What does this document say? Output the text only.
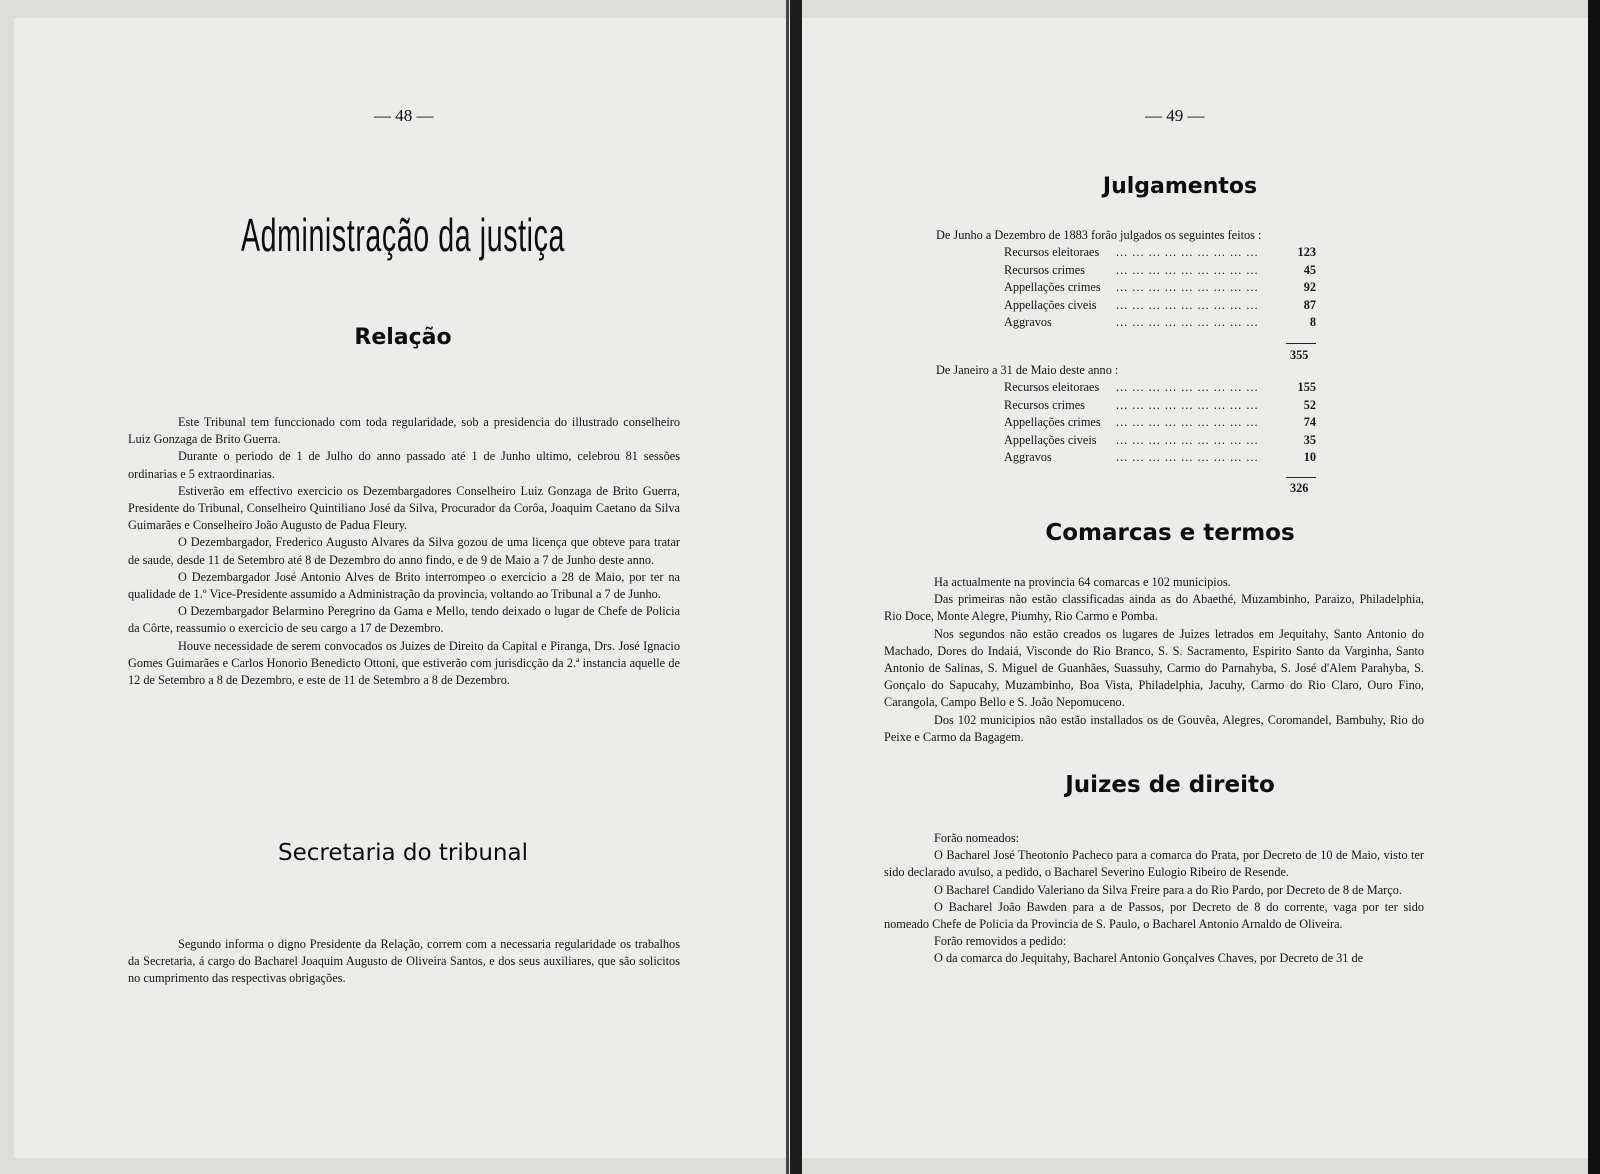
— 48 —
Administração da justiça
Relação

Este Tribunal tem funccionado com toda regularidade, sob a presidencia do illustrado conselheiro Luiz Gonzaga de Brito Guerra.

Durante o periodo de 1 de Julho do anno passado até 1 de Junho ultimo, celebrou 81 sessões ordinarias e 5 extraordinarias.

Estiverão em effectivo exercicio os Dezembargadores Conselheiro Luiz Gonzaga de Brito Guerra, Presidente do Tribunal, Conselheiro Quintiliano José da Silva, Procurador da Corôa, Joaquim Caetano da Silva Guimarães e Conselheiro João Augusto de Padua Fleury.

O Dezembargador, Frederico Augusto Alvares da Silva gozou de uma licença que obteve para tratar de saude, desde 11 de Setembro até 8 de Dezembro do anno findo, e de 9 de Maio a 7 de Junho deste anno.

O Dezembargador José Antonio Alves de Brito interrompeo o exercicio a 28 de Maio, por ter na qualidade de 1.º Vice-Presidente assumido a Administração da provincia, voltando ao Tribunal a 7 de Junho.

O Dezembargador Belarmino Peregrino da Gama e Mello, tendo deixado o lugar de Chefe de Policia da Côrte, reassumio o exercicio de seu cargo a 17 de Dezembro.

Houve necessidade de serem convocados os Juizes de Direito da Capital e Piranga, Drs. José Ignacio Gomes Guimarães e Carlos Honorio Benedicto Ottoni, que estiverão com jurisdicção da 2.ª instancia aquelle de 12 de Setembro a 8 de Dezembro, e este de 11 de Setembro a 8 de Dezembro.

Secretaria do tribunal

Segundo informa o digno Presidente da Relação, correm com a necessaria regularidade os trabalhos da Secretaria, á cargo do Bacharel Joaquim Augusto de Oliveira Santos, e dos seus auxiliares, que são solicitos no cumprimento das respectivas obrigações.

— 49 —
Julgamentos
De Junho a Dezembro de 1883 forão julgados os seguintes feitos :
Recursos eleitoraes ... ... ... ... ... ... ... ... ...	123
Recursos crimes	... ... ... ... ... ... ... ... ...	45
Appellações crimes ... ... ... ... ... ... ... ... ...	92
Appellações civeis ... ... ... ... ... ... ... ... ...	87
Aggravos	... ... ... ... ... ... ... ... ...	8
355
De Janeiro a 31 de Maio deste anno :
Recursos eleitoraes ... ... ... ... ... ... ... ... ...	155
Recursos crimes	... ... ... ... ... ... ... ... ...	52
Appellações crimes ... ... ... ... ... ... ... ... ...	74
Appellações civeis ... ... ... ... ... ... ... ... ...	35
Aggravos	... ... ... ... ... ... ... ... ...	10
326
Comarcas e termos

Ha actualmente na provincia 64 comarcas e 102 municipios.

Das primeiras não estão classificadas ainda as do Abaethé, Muzambinho, Paraizo, Philadelphia, Rio Doce, Monte Alegre, Piumhy, Rio Carmo e Pomba.

Nos segundos não estão creados os lugares de Juizes letrados em Jequitahy, Santo Antonio do Machado, Dores do Indaiá, Visconde do Rio Branco, S. S. Sacramento, Espirito Santo da Varginha, Santo Antonio de Salinas, S. Miguel de Guanhães, Suassuhy, Carmo do Parnahyba, S. José d'Alem Parahyba, S. Gonçalo do Sapucahy, Muzambinho, Boa Vista, Philadelphia, Jacuhy, Carmo do Rio Claro, Ouro Fino, Carangola, Campo Bello e S. João Nepomuceno.

Dos 102 municipios não estão installados os de Gouvêa, Alegres, Coromandel, Bambuhy, Rio do Peixe e Carmo da Bagagem.

Juizes de direito

Forão nomeados:

O Bacharel José Theotonio Pacheco para a comarca do Prata, por Decreto de 10 de Maio, visto ter sido declarado avulso, a pedido, o Bacharel Severino Eulogio Ribeiro de Resende.

O Bacharel Candido Valeriano da Silva Freire para a do Rio Pardo, por Decreto de 8 de Março.

O Bacharel João Bawden para a de Passos, por Decreto de 8 do corrente, vaga por ter sido nomeado Chefe de Policia da Provincia de S. Paulo, o Bacharel Antonio Arnaldo de Oliveira.

Forão removidos a pedido:

O da comarca do Jequitahy, Bacharel Antonio Gonçalves Chaves, por Decreto de 31 de
